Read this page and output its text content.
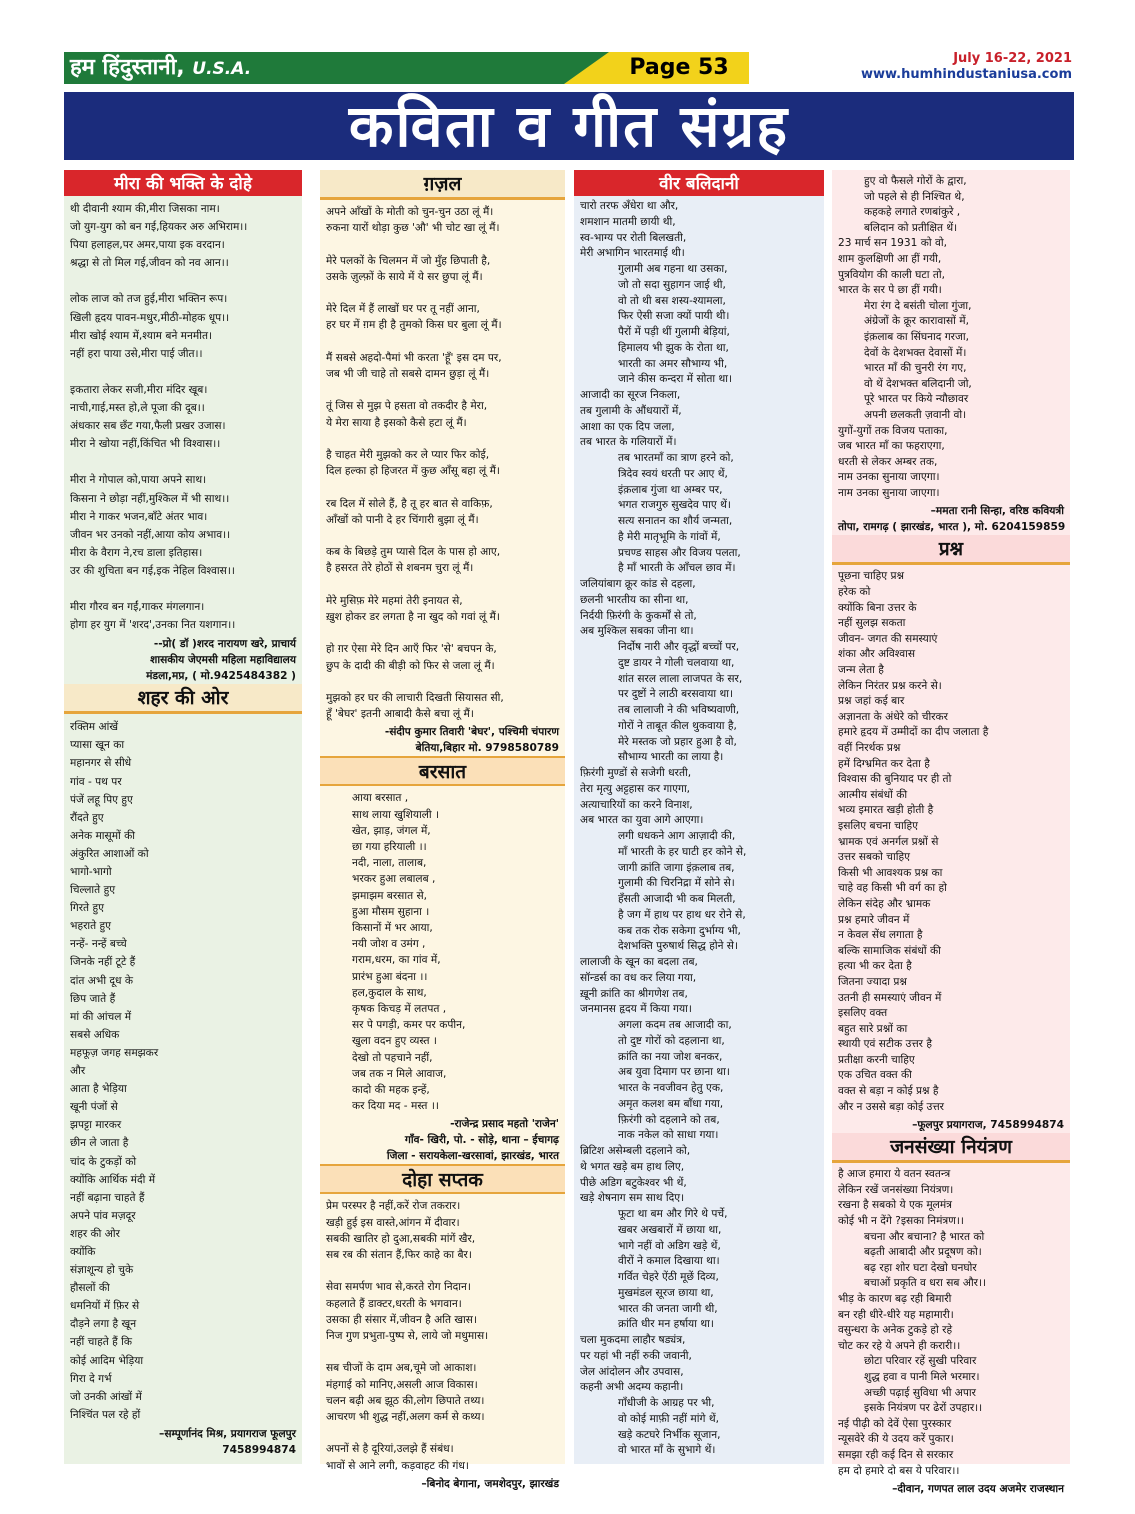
हम हिंदुस्तानी, U.S.A.	Page 53	July 16-22, 2021
www.humhindustaniusa.com
कविता व गीत संग्रह
मीरा की भक्ति के दोहे
थी दीवानी श्याम की,मीरा जिसका नाम।
जो युग-युग को बन गई,हियकर अरु अभिराम।।
पिया हलाहल,पर अमर,पाया इक वरदान।
श्रद्धा से तो मिल गई,जीवन को नव आन।।
लोक लाज को तज हुई,मीरा भक्तिन रूप।
खिली हृदय पावन-मधुर,मीठी-मोहक धूप।।
मीरा खोई श्याम में,श्याम बने मनमीत।
नहीं हरा पाया उसे,मीरा पाई जीत।।
इकतारा लेकर सजी,मीरा मंदिर खूब।
नाची,गाई,मस्त हो,ले पूजा की दूब।।
अंधकार सब छँट गया,फैली प्रखर उजास।
मीरा ने खोया नहीं,किंचित भी विश्वास।।
मीरा ने गोपाल को,पाया अपने साथ।
किसना ने छोड़ा नहीं,मुश्किल में भी साथ।।
मीरा ने गाकर भजन,बाँटे अंतर भाव।
जीवन भर उनको नहीं,आया कोय अभाव।।
मीरा के वैराग ने,रच डाला इतिहास।
उर की शुचिता बन गई,इक नेहिल विश्वास।।
मीरा गौरव बन गईं,गाकर मंगलगान।
होगा हर युग में 'शरद',उनका नित यशगान।।
--प्रो( डॉ )शरद नारायण खरे, प्राचार्य
शासकीय जेएमसी महिला महाविद्यालय
मंडला,मप्र, ( मो.9425484382 )
शहर की ओर
रक्तिम आंखें
प्यासा खून का
महानगर से सीधे
गांव - पथ पर
पंजें लहू पिए हुए
रौंदते हुए
अनेक मासूमों की
अंकुरित आशाओं को
भागो-भागो
चिल्लाते हुए
गिरते हुए
भहराते हुए
नन्हें- नन्हें बच्चे
जिनके नहीं टूटे हैं
दांत अभी दूध के
छिप जाते हैं
मां की आंचल में
सबसे अधिक
महफूज़ जगह समझकर
और
आता है भेड़िया
खूनी पंजों से
झपट्टा मारकर
छीन ले जाता है
चांद के टुकड़ों को
क्योंकि आर्थिक मंदी में
नहीं बढ़ाना चाहते हैं
अपने पांव मज़दूर
शहर की ओर
क्योंकि
संज्ञाशून्य हो चुके
हौसलों की
धमनियों में फ़िर से
दौड़ने लगा है खून
नहीं चाहते हैं कि
कोई आदिम भेड़िया
गिरा दे गर्भ
जो उनकी आंखों में
निश्चिंत पल रहे हों
–सम्पूर्णानंद मिश्र, प्रयागराज फूलपुर
7458994874
ग़ज़ल
अपने आँखों के मोती को चुन-चुन उठा लूं मैं।
रुकना यारों थोड़ा कुछ 'औ' भी चोट खा लूं मैं।
मेरे पलकों के चिलमन में जो मुँह छिपाती है,
उसके ज़ुल्फ़ों के साये में ये सर छुपा लूं मैं।
मेरे दिल में हैं लाखों घर पर तू नहीं आना,
हर घर में ग़म ही है तुमको किस घर बुला लूं मैं।
मैं सबसे अहदो-पैमां भी करता 'हूँ' इस दम पर,
जब भी जी चाहे तो सबसे दामन छुड़ा लूं मैं।
तूं जिस से मुझ पे हसता वो तकदीर है मेरा,
ये मेरा साया है इसको कैसे हटा लूं मैं।
है चाहत मेरी मुझको कर ले प्यार फिर कोई,
दिल हल्का हो हिजरत में कुछ आँसू बहा लूं मैं।
रब दिल में सोले हैं, है तू हर बात से वाकिफ़,
आँखों को पानी दे हर चिंगारी बुझा लूं मैं।
कब के बिछड़े तुम प्यासे दिल के पास हो आए,
है हसरत तेरे होठों से शबनम चुरा लूं मैं।
मेरे मुसिफ़ मेरे महमां तेरी इनायत से,
ख़ुश होकर डर लगता है ना खुद को गवां लूं मैं।
हो ग़र ऐसा मेरे दिन आएँ फिर 'से' बचपन के,
छुप के दादी की बीड़ी को फिर से जला लूं मैं।
मुझको हर घर की लाचारी दिखती सियासत सी,
हूँ 'बेघर' इतनी आबादी कैसे बचा लूं मैं।
-संदीप कुमार तिवारी 'बेघर', पश्चिमी चंपारण
बेतिया,बिहार मो. 9798580789
बरसात
आया बरसात ,
साथ लाया खुशियाली ।
खेत, झाड़, जंगल में,
छा गया हरियाली ।।
नदी, नाला, तालाब,
भरकर हुआ लबालब ,
झमाझम बरसात से,
हुआ मौसम सुहाना ।
किसानों में भर आया,
नयी जोश व उमंग ,
गराम,धरम, का गांव में,
प्रारंभ हुआ बंदना ।।
हल,कुदाल के साथ,
कृषक किचड़ में लतपत ,
सर पे पगड़ी, कमर पर कपीन,
खुला वदन हुए व्यस्त ।
देखो तो पहचाने नहीं,
जब तक न मिले आवाज,
कादो की महक इन्हें,
कर दिया मद - मस्त ।।
-राजेन्द्र प्रसाद महतो 'राजेन'
गाँव- खिरी, पो. - सोड़े, थाना – ईचागढ़
जिला - सरायकेला-खरसावां, झारखंड, भारत
दोहा सप्तक
प्रेम परस्पर है नहीं,करें रोज तकरार।
खड़ी हुई इस वास्ते,आंगन में दीवार।
सबकी खातिर हो दुआ,सबकी मांगें खैर,
सब रब की संतान हैं,फिर काहे का बैर।
सेवा समर्पण भाव से,करते रोग निदान।
कहलाते हैं डाक्टर,धरती के भगवान।
उसका ही संसार में,जीवन है अति खास।
निज गुण प्रभुता-पुष्प से, लाये जो मधुमास।
सब चीजों के दाम अब,चूमे जो आकाश।
मंहगाई को मानिए,असली आज विकास।
चलन बढ़ी अब झूठ की,लोग छिपाते तथ्य।
आचरण भी शुद्ध नहीं,अलग कर्म से कथ्य।
अपनों से है दूरियां,उलझे हैं संबंध।
भावों से आने लगी, कड़वाहट की गंध।
–बिनोद बेगाना, जमशेदपुर, झारखंड
वीर बलिदानी
चारो तरफ अँधेरा था और,
शमशान मातमी छायी थी,
स्व-भाग्य पर रोती बिलखती,
मेरी अभागिन भारतमाई थी।
गुलामी अब गहना था उसका,
जो तो सदा सुहागन जाई थी,
वो तो थी बस शस्य-श्यामला,
फिर ऐसी सजा क्यों पायी थी।
पैरों में पड़ी थीं गुलामी बेड़ियां,
हिमालय भी झुक के रोता था,
भारती का अमर सौभाग्य भी,
जाने कीस कन्दरा में सोता था।
आजादी का सूरज निकला,
तब गुलामी के औंधयारों में,
आशा का एक दिप जला,
तब भारत के गलियारों में।
तब भारतमाँ का त्राण हरने को,
त्रिदेव स्वयं धरती पर आए थें,
इंक़लाब गुंजा था अम्बर पर,
भगत राजगुरु सुखदेव पाए थें।
सत्य सनातन का शौर्य जन्मता,
है मेरी मातृभूमि के गांवों में,
प्रचण्ड साहस और विजय पलता,
है माँ भारती के आँचल छाव में।
जलियांबाग क्रूर कांड से दहला,
छलनी भारतीय का सीना था,
निर्दयी फ़िरंगी के कुकर्मों से तो,
अब मुश्किल सबका जीना था।
निर्दोष नारी और वृद्धों बच्चों पर,
दुष्ट डायर ने गोली चलवाया था,
शांत सरल लाला लाजपत के सर,
पर दुष्टों ने लाठी बरसवाया था।
तब लालाजी ने की भविष्यवाणी,
गोरों ने ताबूत कील थुकवाया है,
मेरे मस्तक जो प्रहार हुआ है वो,
सौभाग्य भारती का लाया है।
फ़िरंगी मुण्डों से सजेगी धरती,
तेरा मृत्यु अट्टहास कर गाएगा,
अत्याचारियों का करने विनाश,
अब भारत का युवा आगे आएगा।
लगी धधकने आग आज़ादी की,
माँ भारती के हर घाटी हर कोने से,
जागी क्रांति जागा इंक़लाब तब,
गुलामी की चिरनिद्रा में सोने से।
हँसती आजादी भी कब मिलती,
है जग में हाथ पर हाथ धर रोने से,
कब तक रोक सकेगा दुर्भाग्य भी,
देशभक्ति पुरुषार्थ सिद्ध होने से।
लालाजी के खून का बदला तब,
सॉन्डर्स का वध कर लिया गया,
ख़ूनी क्रांति का श्रीगणेश तब,
जनमानस हृदय में किया गया।
अगला कदम तब आजादी का,
तो दुष्ट गोरों को दहलाना था,
क्रांति का नया जोश बनकर,
अब युवा दिमाग पर छाना था।
भारत के नवजीवन हेतु एक,
अमृत कलश बम बाँधा गया,
फ़िरंगी को दहलाने को तब,
नाक नकेल को साधा गया।
ब्रिटिश असेम्बली दहलाने को,
थे भगत खड़े बम हाथ लिए,
पीछे अडिग बटुकेश्वर भी थें,
खड़े शेषनाग सम साथ दिए।
फूटा था बम और गिरे थे पर्चे,
खबर अखबारों में छाया था,
भागे नहीं वो अडिग खड़े थें,
वीरों ने कमाल दिखाया था।
गर्वित चेहरे ऐंठी मूछें दिव्य,
मुखमंडल सूरज छाया था,
भारत की जनता जागी थी,
क्रांति धीर मन हर्षाया था।
चला मुकदमा लाहौर षड्यंत्र,
पर यहां भी नहीं रुकी जवानी,
जेल आंदोलन और उपवास,
कहनी अभी अदम्य कहानी।
गाँधीजी के आग्रह पर भी,
वो कोई माफ़ी नहीं मांगे थें,
खड़े कटघरे निर्भीक सूजान,
वो भारत माँ के सुभागे थें।
हुए वो फैसले गोरों के द्वारा,
जो पहले से ही निश्चित थे,
कहकहे लगाते रणबांकुरे ,
बलिदान को प्रतीक्षित थें।
23 मार्च सन 1931 को वो,
शाम कुलक्षिणी आ हीं गयी,
पुत्रवियोग की काली घटा तो,
भारत के सर पे छा हीं गयी।
मेरा रंग दे बसंती चोला गुंजा,
अंग्रेजों के क्रूर कारावासों में,
इंक़लाब का सिंघनाद गरजा,
देवों के देशभक्त देवासों में।
भारत माँ की चुनरी रंग गए,
वो थें देशभक्त बलिदानी जो,
पूरे भारत पर किये न्यौछावर
अपनी छलकती ज़वानी वो।
युगों-युगों तक विजय पताका,
जब भारत माँ का फहराएगा,
धरती से लेकर अम्बर तक,
नाम उनका सुनाया जाएगा।
नाम उनका सुनाया जाएगा।
–ममता रानी सिन्हा, वरिष्ठ कवियत्री
तोपा, रामगढ़ ( झारखंड, भारत ), मो. 6204159859
प्रश्न
पूछना चाहिए प्रश्न
हरेक को
क्योंकि बिना उत्तर के
नहीं सुलझ सकता
जीवन- जगत की समस्याएं
शंका और अविश्वास
जन्म लेता है
लेकिन निरंतर प्रश्न करने से।
प्रश्न जहां कई बार
अज्ञानता के अंधेरे को चीरकर
हमारे हृदय में उम्मीदों का दीप जलाता है
वहीं निरर्थक प्रश्न
हमें दिग्भ्रमित कर देता है
विश्वास की बुनियाद पर ही तो
आत्मीय संबंधों की
भव्य इमारत खड़ी होती है
इसलिए बचना चाहिए
भ्रामक एवं अनर्गल प्रश्नों से
उत्तर सबको चाहिए
किसी भी आवश्यक प्रश्न का
चाहे वह किसी भी वर्ग का हो
लेकिन संदेह और भ्रामक
प्रश्न हमारे जीवन में
न केवल सेंध लगाता है
बल्कि सामाजिक संबंधों की
हत्या भी कर देता है
जितना ज्यादा प्रश्न
उतनी ही समस्याएं जीवन में
इसलिए वक्त
बहुत सारे प्रश्नों का
स्थायी एवं सटीक उत्तर है
प्रतीक्षा करनी चाहिए
एक उचित वक्त की
वक्त से बड़ा न कोई प्रश्न है
और न उससे बड़ा कोई उत्तर
–फूलपुर प्रयागराज, 7458994874
जनसंख्या नियंत्रण
है आज हमारा ये वतन स्वतन्त्र
लेकिन रखें जनसंख्या नियंत्रण।
रखना है सबको ये एक मूलमंत्र
कोई भी न देंगे ?इसका निमंत्रण।।
बचना और बचाना? है भारत को
बढ़ती आबादी और प्रदूषण को।
बढ़ रहा शोर घटा देखो घनघोर
बचाओं प्रकृति व धरा सब और।।
भीड़ के कारण बढ़ रही बिमारी
बन रही धीरे-धीरे यह महामारी।
वसुन्धरा के अनेक टुकड़े हो रहे
चोट कर रहे ये अपने ही करारी।।
छोटा परिवार रहें सुखी परिवार
शुद्ध हवा व पानी मिले भरमार।
अच्छी पढ़ाई सुविधा भी अपार
इसके नियंत्रण पर ढेरों उपहार।।
नई पीढ़ी को देवें ऐसा पुरस्कार
न्यूसवेरे की ये उदय करें पुकार।
समझा रही कई दिन से सरकार
हम दो हमारे दो बस ये परिवार।।
–दीवान, गणपत लाल उदय अजमेर राजस्थान
